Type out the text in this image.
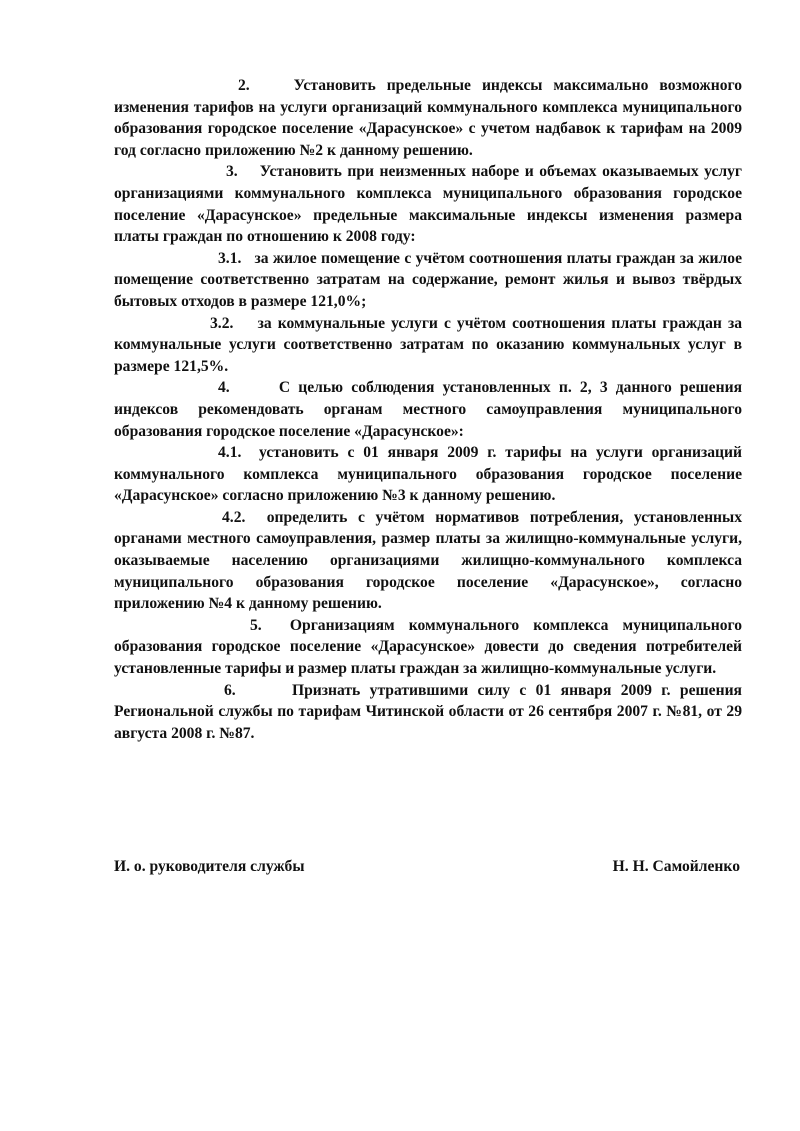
2.	Установить предельные индексы максимально возможного изменения тарифов на услуги организаций коммунального комплекса муниципального образования городское поселение «Дарасунское» с учетом надбавок к тарифам на 2009 год согласно приложению №2 к данному решению.

3. Установить при неизменных наборе и объемах оказываемых услуг организациями коммунального комплекса муниципального образования городское поселение «Дарасунское» предельные максимальные индексы изменения размера платы граждан по отношению к 2008 году:

3.1. за жилое помещение с учётом соотношения платы граждан за жилое помещение соответственно затратам на содержание, ремонт жилья и вывоз твёрдых бытовых отходов в размере 121,0%;

3.2. за коммунальные услуги с учётом соотношения платы граждан за коммунальные услуги соответственно затратам по оказанию коммунальных услуг в размере 121,5%.

4.	С целью соблюдения установленных п. 2, 3 данного решения индексов рекомендовать органам местного самоуправления муниципального образования городское поселение «Дарасунское»:

4.1. установить с 01 января 2009 г. тарифы на услуги организаций коммунального комплекса муниципального образования городское поселение «Дарасунское» согласно приложению №3 к данному решению.

4.2. определить с учётом нормативов потребления, установленных органами местного самоуправления, размер платы за жилищно-коммунальные услуги, оказываемые населению организациями жилищно-коммунального комплекса муниципального образования городское поселение «Дарасунское», согласно приложению №4 к данному решению.

5. Организациям коммунального комплекса муниципального образования городское поселение «Дарасунское» довести до сведения потребителей установленные тарифы и размер платы граждан за жилищно-коммунальные услуги.

6.	Признать утратившими силу с 01 января 2009 г. решения Региональной службы по тарифам Читинской области от 26 сентября 2007 г. №81, от 29 августа 2008 г. №87.

И. о. руководителя службы	Н. Н. Самойленко
